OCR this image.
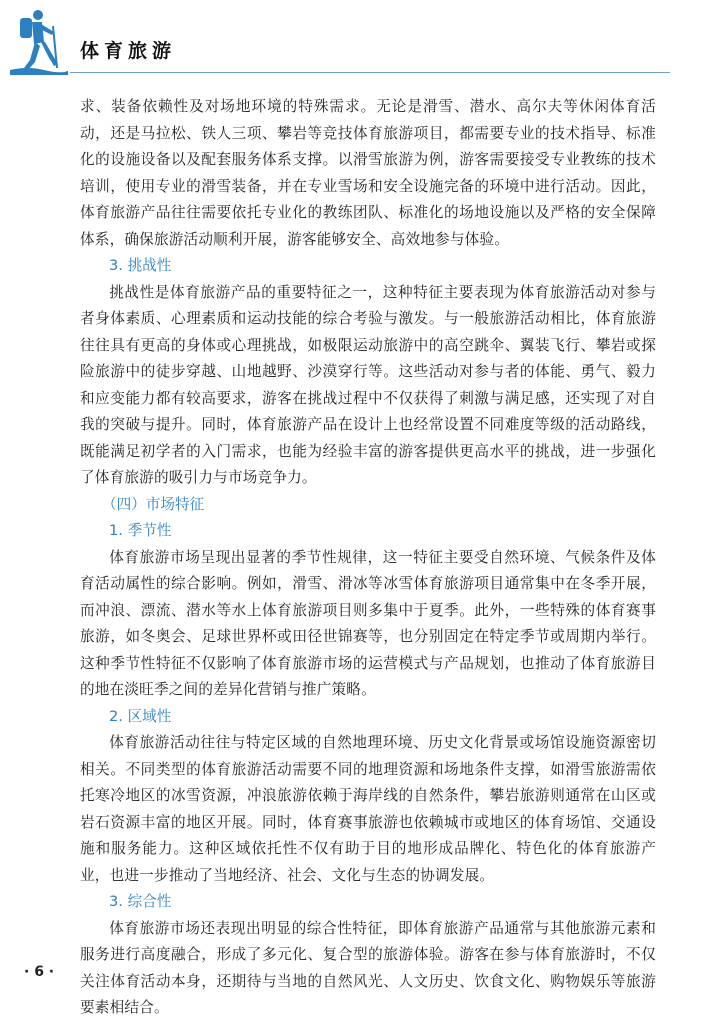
体育旅游

求、装备依赖性及对场地环境的特殊需求。无论是滑雪、潜水、高尔夫等休闲体育活动，还是马拉松、铁人三项、攀岩等竞技体育旅游项目，都需要专业的技术指导、标准化的设施设备以及配套服务体系支撑。以滑雪旅游为例，游客需要接受专业教练的技术培训，使用专业的滑雪装备，并在专业雪场和安全设施完备的环境中进行活动。因此，体育旅游产品往往需要依托专业化的教练团队、标准化的场地设施以及严格的安全保障体系，确保旅游活动顺利开展，游客能够安全、高效地参与体验。

3. 挑战性

挑战性是体育旅游产品的重要特征之一，这种特征主要表现为体育旅游活动对参与者身体素质、心理素质和运动技能的综合考验与激发。与一般旅游活动相比，体育旅游往往具有更高的身体或心理挑战，如极限运动旅游中的高空跳伞、翼装飞行、攀岩或探险旅游中的徒步穿越、山地越野、沙漠穿行等。这些活动对参与者的体能、勇气、毅力和应变能力都有较高要求，游客在挑战过程中不仅获得了刺激与满足感，还实现了对自我的突破与提升。同时，体育旅游产品在设计上也经常设置不同难度等级的活动路线，既能满足初学者的入门需求，也能为经验丰富的游客提供更高水平的挑战，进一步强化了体育旅游的吸引力与市场竞争力。

（四）市场特征
1. 季节性

体育旅游市场呈现出显著的季节性规律，这一特征主要受自然环境、气候条件及体育活动属性的综合影响。例如，滑雪、滑冰等冰雪体育旅游项目通常集中在冬季开展，而冲浪、漂流、潜水等水上体育旅游项目则多集中于夏季。此外，一些特殊的体育赛事旅游，如冬奥会、足球世界杯或田径世锦赛等，也分别固定在特定季节或周期内举行。这种季节性特征不仅影响了体育旅游市场的运营模式与产品规划，也推动了体育旅游目的地在淡旺季之间的差异化营销与推广策略。

2. 区域性

体育旅游活动往往与特定区域的自然地理环境、历史文化背景或场馆设施资源密切相关。不同类型的体育旅游活动需要不同的地理资源和场地条件支撑，如滑雪旅游需依托寒冷地区的冰雪资源，冲浪旅游依赖于海岸线的自然条件，攀岩旅游则通常在山区或岩石资源丰富的地区开展。同时，体育赛事旅游也依赖城市或地区的体育场馆、交通设施和服务能力。这种区域依托性不仅有助于目的地形成品牌化、特色化的体育旅游产业，也进一步推动了当地经济、社会、文化与生态的协调发展。

3. 综合性

体育旅游市场还表现出明显的综合性特征，即体育旅游产品通常与其他旅游元素和服务进行高度融合，形成了多元化、复合型的旅游体验。游客在参与体育旅游时，不仅关注体育活动本身，还期待与当地的自然风光、人文历史、饮食文化、购物娱乐等旅游要素相结合。

· 6 ·
